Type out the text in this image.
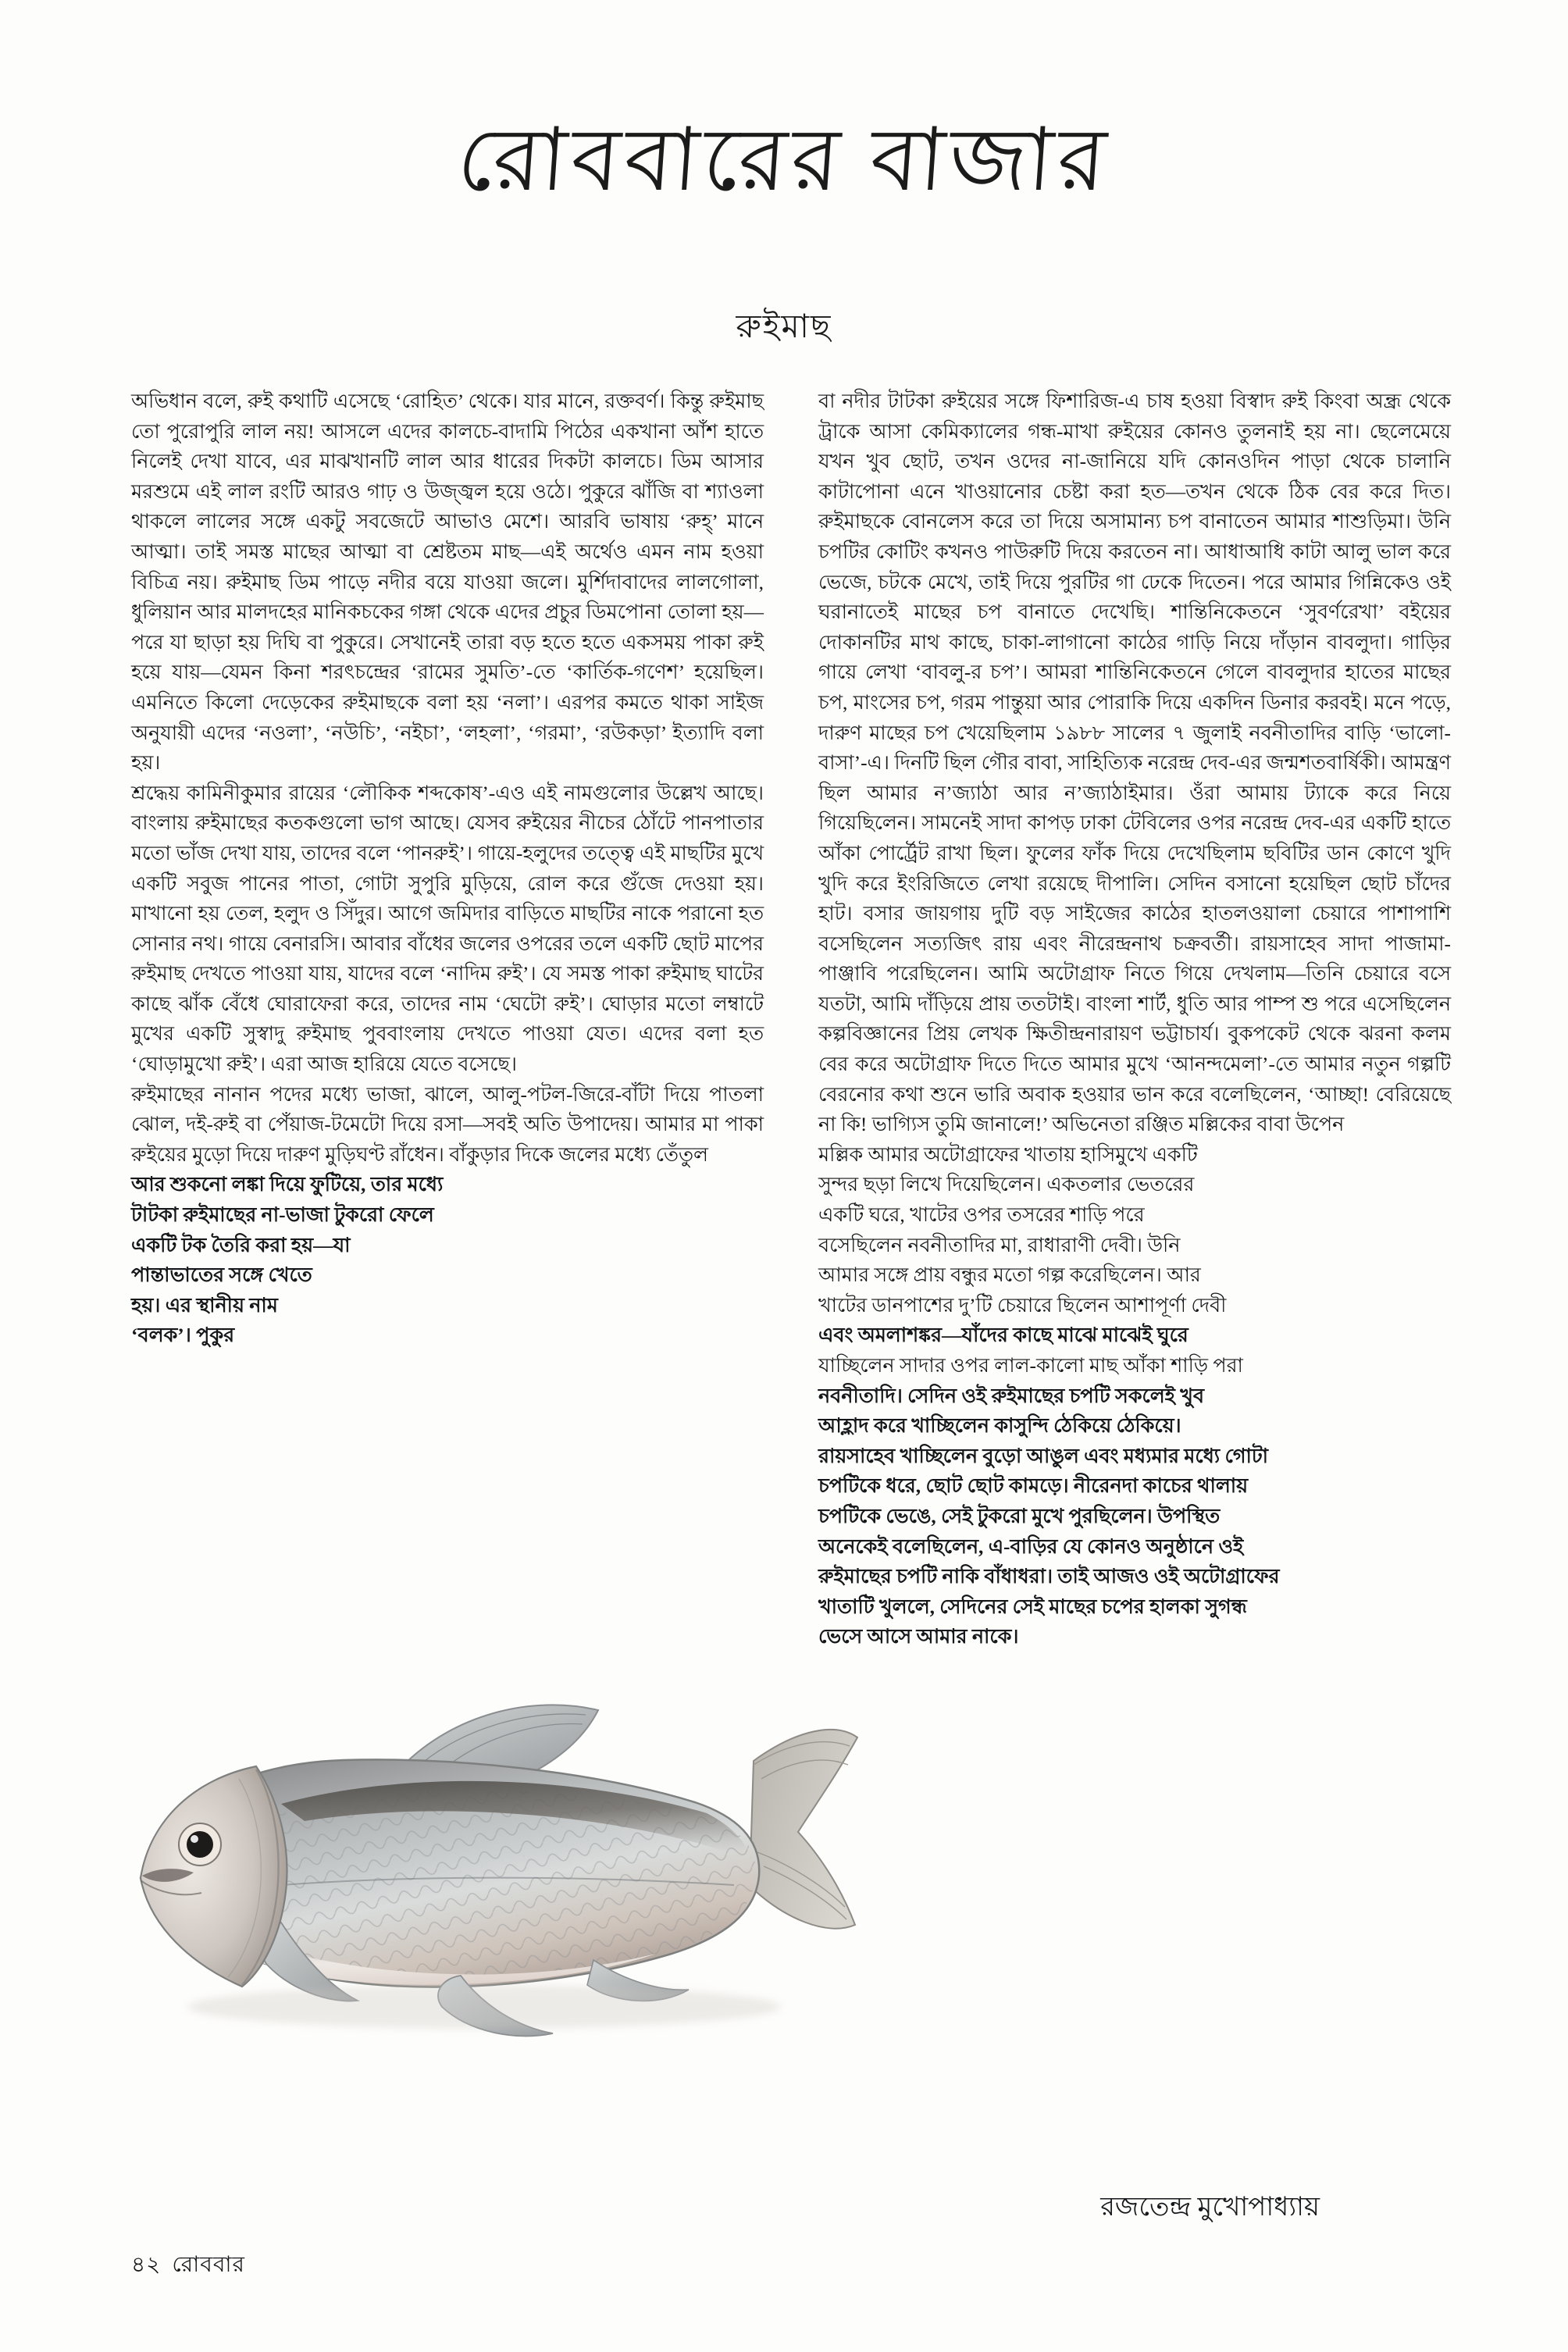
রোববারের বাজার
রুইমাছ

অভিধান বলে, রুই কথাটি এসেছে ‘রোহিত’ থেকে। যার মানে, রক্তবর্ণ। কিন্তু রুইমাছ তো পুরোপুরি লাল নয়! আসলে এদের কালচে-বাদামি পিঠের একখানা আঁশ হাতে নিলেই দেখা যাবে, এর মাঝখানটি লাল আর ধারের দিকটা কালচে। ডিম আসার মরশুমে এই লাল রংটি আরও গাঢ় ও উজ্জ্বল হয়ে ওঠে। পুকুরে ঝাঁজি বা শ্যাওলা থাকলে লালের সঙ্গে একটু সবজেটে আভাও মেশে। আরবি ভাষায় ‘রুহ্‌’ মানে আত্মা। তাই সমস্ত মাছের আত্মা বা শ্রেষ্টতম মাছ—এই অর্থেও এমন নাম হওয়া বিচিত্র নয়। রুইমাছ ডিম পাড়ে নদীর বয়ে যাওয়া জলে। মুর্শিদাবাদের লালগোলা, ধুলিয়ান আর মালদহের মানিকচকের গঙ্গা থেকে এদের প্রচুর ডিমপোনা তোলা হয়—পরে যা ছাড়া হয় দিঘি বা পুকুরে। সেখানেই তারা বড় হতে হতে একসময় পাকা রুই হয়ে যায়—যেমন কিনা শরৎচন্দ্রের ‘রামের সুমতি’-তে ‘কার্তিক-গণেশ’ হয়েছিল। এমনিতে কিলো দেড়েকের রুইমাছকে বলা হয় ‘নলা’। এরপর কমতে থাকা সাইজ অনুযায়ী এদের ‘নওলা’, ‘নউচি’, ‘নইচা’, ‘লহলা’, ‘গরমা’, ‘রউকড়া’ ইত্যাদি বলা হয়।

শ্রদ্ধেয় কামিনীকুমার রায়ের ‘লৌকিক শব্দকোষ’-এও এই নামগুলোর উল্লেখ আছে। বাংলায় রুইমাছের কতকগুলো ভাগ আছে। যেসব রুইয়ের নীচের ঠোঁটে পানপাতার মতো ভাঁজ দেখা যায়, তাদের বলে ‘পানরুই’। গায়ে-হলুদের তত্ত্বে এই মাছটির মুখে একটি সবুজ পানের পাতা, গোটা সুপুরি মুড়িয়ে, রোল করে গুঁজে দেওয়া হয়। মাখানো হয় তেল, হলুদ ও সিঁদুর। আগে জমিদার বাড়িতে মাছটির নাকে পরানো হত সোনার নথ। গায়ে বেনারসি। আবার বাঁধের জলের ওপরের তলে একটি ছোট মাপের রুইমাছ দেখতে পাওয়া যায়, যাদের বলে ‘নাদিম রুই’। যে সমস্ত পাকা রুইমাছ ঘাটের কাছে ঝাঁক বেঁধে ঘোরাফেরা করে, তাদের নাম ‘ঘেটো রুই’। ঘোড়ার মতো লম্বাটে মুখের একটি সুস্বাদু রুইমাছ পুববাংলায় দেখতে পাওয়া যেত। এদের বলা হত ‘ঘোড়ামুখো রুই’। এরা আজ হারিয়ে যেতে বসেছে।

রুইমাছের নানান পদের মধ্যে ভাজা, ঝালে, আলু-পটল-জিরে-বাঁটা দিয়ে পাতলা ঝোল, দই-রুই বা পেঁয়াজ-টমেটো দিয়ে রসা—সবই অতি উপাদেয়। আমার মা পাকা রুইয়ের মুড়ো দিয়ে দারুণ মুড়িঘণ্ট রাঁধেন। বাঁকুড়ার দিকে জলের মধ্যে তেঁতুল

আর শুকনো লঙ্কা দিয়ে ফুটিয়ে, তার মধ্যে

টাটকা রুইমাছের না-ভাজা টুকরো ফেলে

একটি টক তৈরি করা হয়—যা

পান্তাভাতের সঙ্গে খেতে

হয়। এর স্থানীয় নাম

‘বলক’। পুকুর

বা নদীর টাটকা রুইয়ের সঙ্গে ফিশারিজ-এ চাষ হওয়া বিস্বাদ রুই কিংবা অন্ধ্র থেকে ট্রাকে আসা কেমিক্যালের গন্ধ-মাখা রুইয়ের কোনও তুলনাই হয় না। ছেলেমেয়ে যখন খুব ছোট, তখন ওদের না-জানিয়ে যদি কোনওদিন পাড়া থেকে চালানি কাটাপোনা এনে খাওয়ানোর চেষ্টা করা হত—তখন থেকে ঠিক বের করে দিত। রুইমাছকে বোনলেস করে তা দিয়ে অসামান্য চপ বানাতেন আমার শাশুড়িমা। উনি চপটির কোটিং কখনও পাউরুটি দিয়ে করতেন না। আধাআধি কাটা আলু ভাল করে ভেজে, চটকে মেখে, তাই দিয়ে পুরটির গা ঢেকে দিতেন। পরে আমার গিন্নিকেও ওই ঘরানাতেই মাছের চপ বানাতে দেখেছি। শান্তিনিকেতনে ‘সুবর্ণরেখা’ বইয়ের দোকানটির মাথ কাছে, চাকা-লাগানো কাঠের গাড়ি নিয়ে দাঁড়ান বাবলুদা। গাড়ির গায়ে লেখা ‘বাবলু-র চপ’। আমরা শান্তিনিকেতনে গেলে বাবলুদার হাতের মাছের চপ, মাংসের চপ, গরম পান্তুয়া আর পোরাকি দিয়ে একদিন ডিনার করবই। মনে পড়ে, দারুণ মাছের চপ খেয়েছিলাম ১৯৮৮ সালের ৭ জুলাই নবনীতাদির বাড়ি ‘ভালো-বাসা’-এ। দিনটি ছিল গৌর বাবা, সাহিত্যিক নরেন্দ্র দেব-এর জন্মশতবার্ষিকী। আমন্ত্রণ ছিল আমার ন’জ্যাঠা আর ন’জ্যাঠাইমার। ওঁরা আমায় ট্যাকে করে নিয়ে গিয়েছিলেন। সামনেই সাদা কাপড় ঢাকা টেবিলের ওপর নরেন্দ্র দেব-এর একটি হাতে আঁকা পোর্ট্রেট রাখা ছিল। ফুলের ফাঁক দিয়ে দেখেছিলাম ছবিটির ডান কোণে খুদি খুদি করে ইংরিজিতে লেখা রয়েছে দীপালি। সেদিন বসানো হয়েছিল ছোট চাঁদের হাট। বসার জায়গায় দুটি বড় সাইজের কাঠের হাতলওয়ালা চেয়ারে পাশাপাশি বসেছিলেন সত্যজিৎ রায় এবং নীরেন্দ্রনাথ চক্রবর্তী। রায়সাহেব সাদা পাজামা-পাঞ্জাবি পরেছিলেন। আমি অটোগ্রাফ নিতে গিয়ে দেখলাম—তিনি চেয়ারে বসে যতটা, আমি দাঁড়িয়ে প্রায় ততটাই। বাংলা শার্ট, ধুতি আর পাম্প শু পরে এসেছিলেন কল্পবিজ্ঞানের প্রিয় লেখক ক্ষিতীন্দ্রনারায়ণ ভট্টাচার্য। বুকপকেট থেকে ঝরনা কলম বের করে অটোগ্রাফ দিতে দিতে আমার মুখে ‘আনন্দমেলা’-তে আমার নতুন গল্পটি বেরনোর কথা শুনে ভারি অবাক হওয়ার ভান করে বলেছিলেন, ‘আচ্ছা! বেরিয়েছে না কি! ভাগ্যিস তুমি জানালে!’ অভিনেতা রঞ্জিত মল্লিকের বাবা উপেন

মল্লিক আমার অটোগ্রাফের খাতায় হাসিমুখে একটি

সুন্দর ছড়া লিখে দিয়েছিলেন। একতলার ভেতরের

একটি ঘরে, খাটের ওপর তসরের শাড়ি পরে

বসেছিলেন নবনীতাদির মা, রাধারাণী দেবী। উনি

আমার সঙ্গে প্রায় বন্ধুর মতো গল্প করেছিলেন। আর

খাটের ডানপাশের দু’টি চেয়ারে ছিলেন আশাপূর্ণা দেবী

এবং অমলাশঙ্কর—যাঁদের কাছে মাঝে মাঝেই ঘুরে

যাচ্ছিলেন সাদার ওপর লাল-কালো মাছ আঁকা শাড়ি পরা

নবনীতাদি। সেদিন ওই রুইমাছের চপটি সকলেই খুব

আহ্লাদ করে খাচ্ছিলেন কাসুন্দি ঠেকিয়ে ঠেকিয়ে।

রায়সাহেব খাচ্ছিলেন বুড়ো আঙুল এবং মধ্যমার মধ্যে গোটা

চপটিকে ধরে, ছোট ছোট কামড়ে। নীরেনদা কাচের থালায়

চপটিকে ভেঙে, সেই টুকরো মুখে পুরছিলেন। উপস্থিত

অনেকেই বলেছিলেন, এ-বাড়ির যে কোনও অনুষ্ঠানে ওই

রুইমাছের চপটি নাকি বাঁধাধরা। তাই আজও ওই অটোগ্রাফের

খাতাটি খুললে, সেদিনের সেই মাছের চপের হালকা সুগন্ধ

ভেসে আসে আমার নাকে।

রজতেন্দ্র মুখোপাধ্যায়
৪২ রোববার
